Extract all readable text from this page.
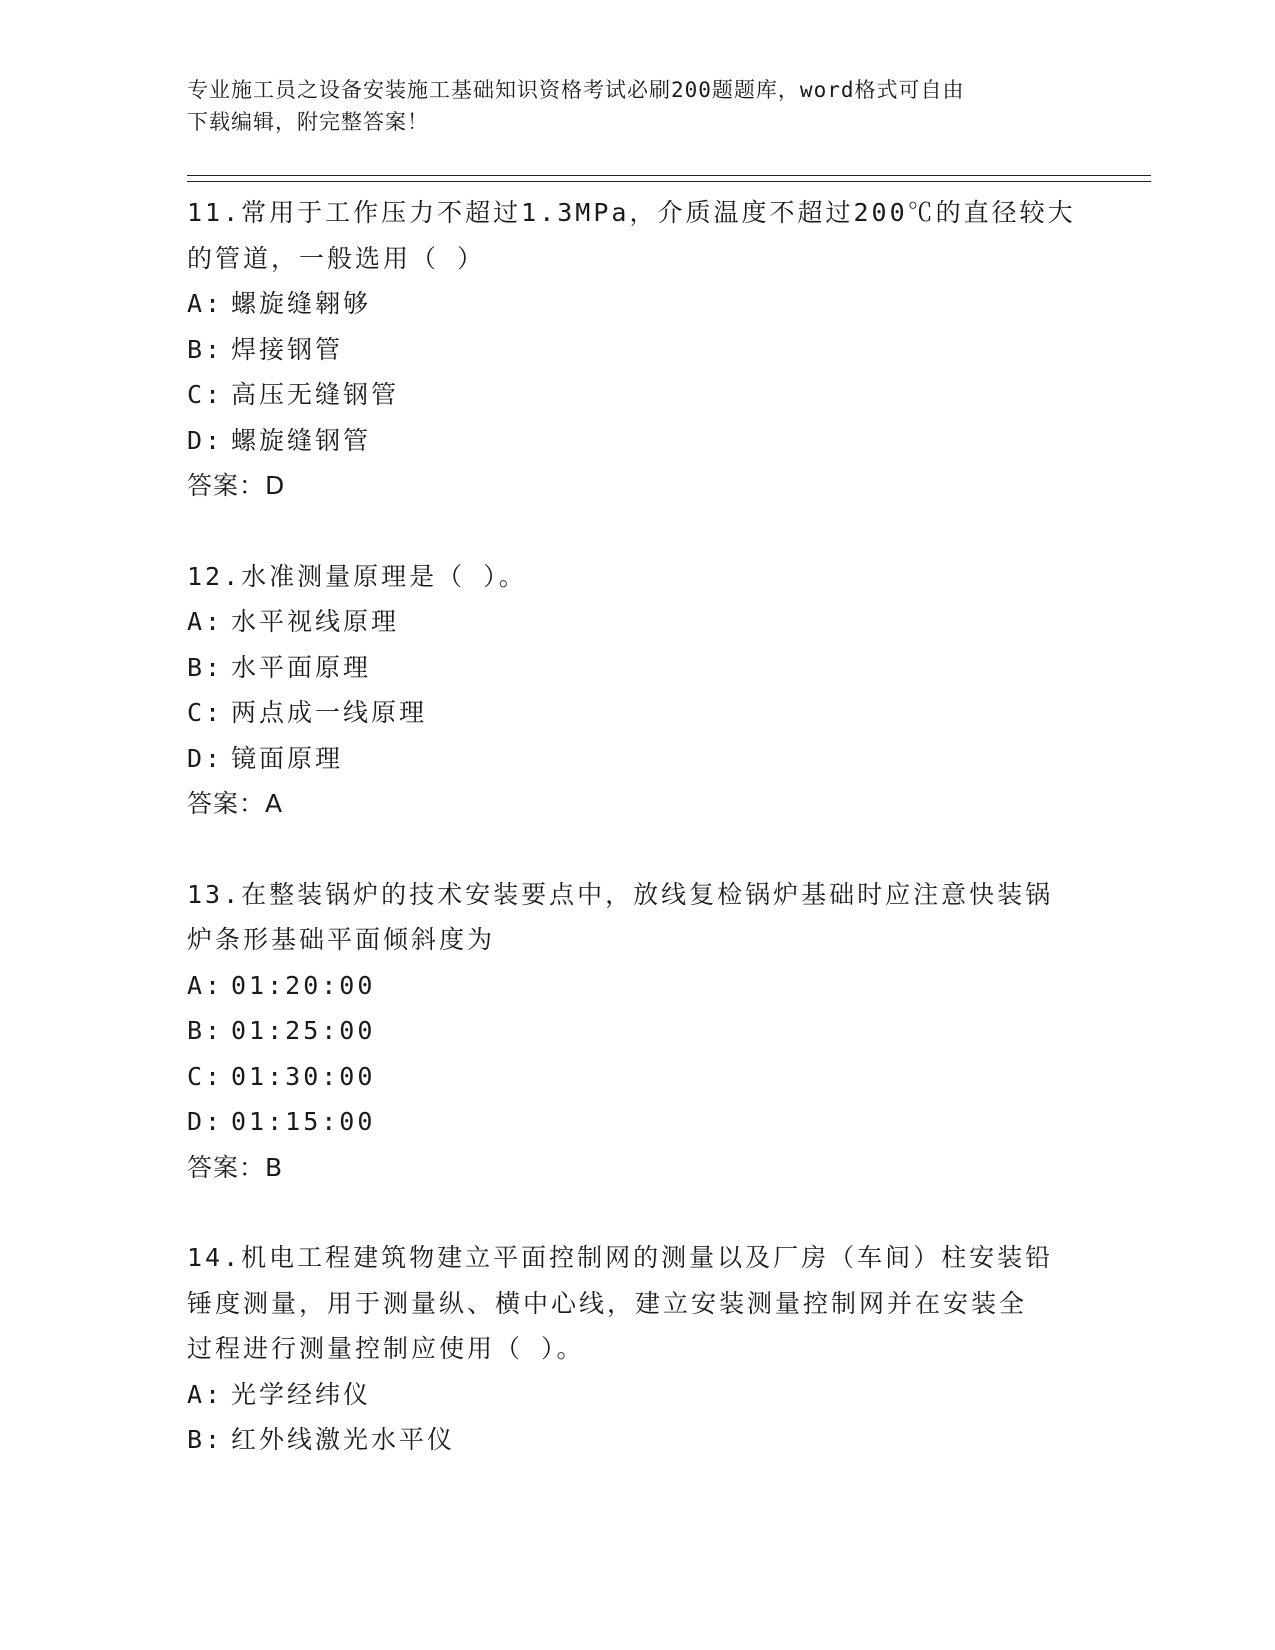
专业施工员之设备安装施工基础知识资格考试必刷200题题库，word格式可自由
下载编辑，附完整答案！
11.常用于工作压力不超过1.3MPa，介质温度不超过200℃的直径较大
的管道，一般选用（ ）
A: 螺旋缝翱够
B: 焊接钢管
C: 高压无缝钢管
D: 螺旋缝钢管
答案：D
12.水准测量原理是（ ）。
A: 水平视线原理
B: 水平面原理
C: 两点成一线原理
D: 镜面原理
答案：A
13.在整装锅炉的技术安装要点中，放线复检锅炉基础时应注意快装锅
炉条形基础平面倾斜度为
A: 01:20:00
B: 01:25:00
C: 01:30:00
D: 01:15:00
答案：B
14.机电工程建筑物建立平面控制网的测量以及厂房（车间）柱安装铅
锤度测量，用于测量纵、横中心线，建立安装测量控制网并在安装全
过程进行测量控制应使用（ ）。
A: 光学经纬仪
B: 红外线激光水平仪
